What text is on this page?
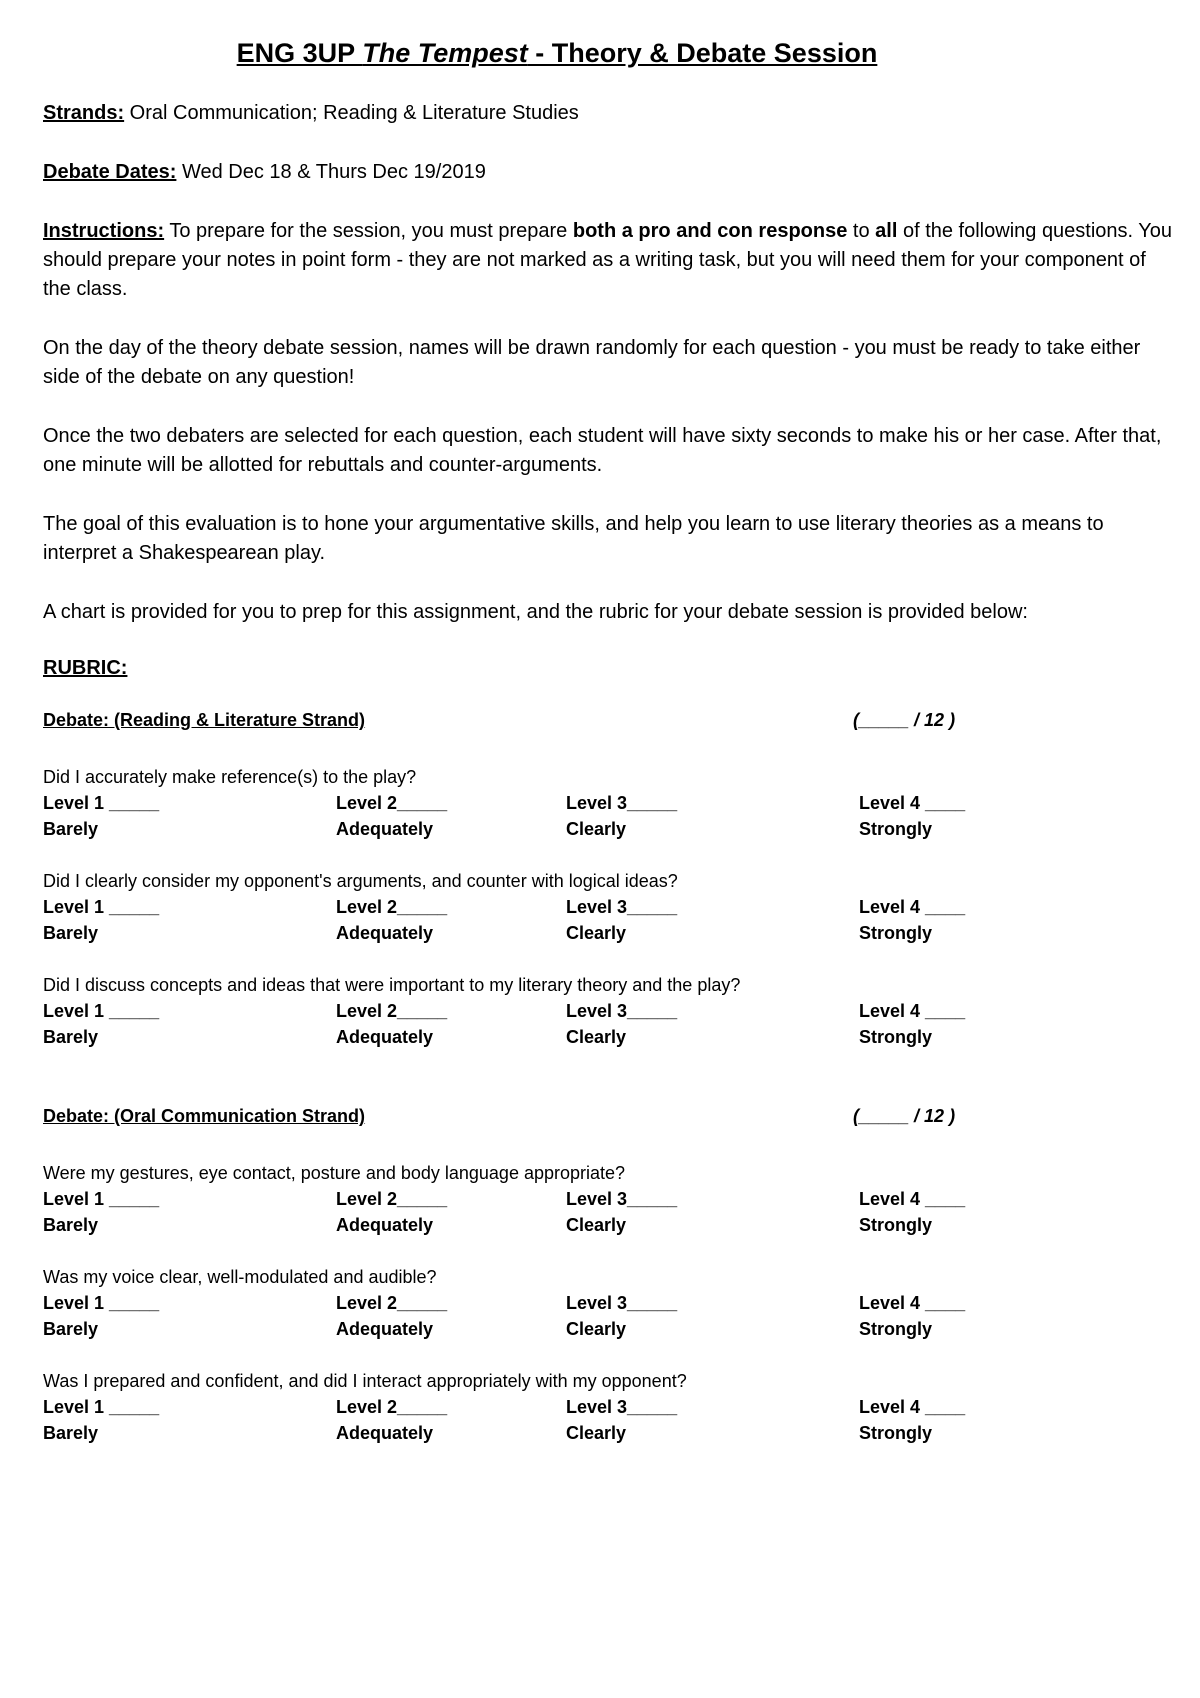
ENG 3UP The Tempest - Theory & Debate Session
Strands: Oral Communication; Reading & Literature Studies
Debate Dates: Wed Dec 18 & Thurs Dec 19/2019
Instructions: To prepare for the session, you must prepare both a pro and con response to all of the following questions. You should prepare your notes in point form - they are not marked as a writing task, but you will need them for your component of the class.
On the day of the theory debate session, names will be drawn randomly for each question - you must be ready to take either side of the debate on any question!
Once the two debaters are selected for each question, each student will have sixty seconds to make his or her case. After that, one minute will be allotted for rebuttals and counter-arguments.
The goal of this evaluation is to hone your argumentative skills, and help you learn to use literary theories as a means to interpret a Shakespearean play.
A chart is provided for you to prep for this assignment, and the rubric for your debate session is provided below:
RUBRIC:
Debate: (Reading & Literature Strand)	(_____ / 12 )
Did I accurately make reference(s) to the play?
Level 1 _____	Level 2_____	Level 3_____	Level 4 ____
Barely	Adequately	Clearly	Strongly
Did I clearly consider my opponent's arguments, and counter with logical ideas?
Level 1 _____	Level 2_____	Level 3_____	Level 4 ____
Barely	Adequately	Clearly	Strongly
Did I discuss concepts and ideas that were important to my literary theory and the play?
Level 1 _____	Level 2_____	Level 3_____	Level 4 ____
Barely	Adequately	Clearly	Strongly
Debate: (Oral Communication Strand)	(_____ / 12 )
Were my gestures, eye contact, posture and body language appropriate?
Level 1 _____	Level 2_____	Level 3_____	Level 4 ____
Barely	Adequately	Clearly	Strongly
Was my voice clear, well-modulated and audible?
Level 1 _____	Level 2_____	Level 3_____	Level 4 ____
Barely	Adequately	Clearly	Strongly
Was I prepared and confident, and did I interact appropriately with my opponent?
Level 1 _____	Level 2_____	Level 3_____	Level 4 ____
Barely	Adequately	Clearly	Strongly
